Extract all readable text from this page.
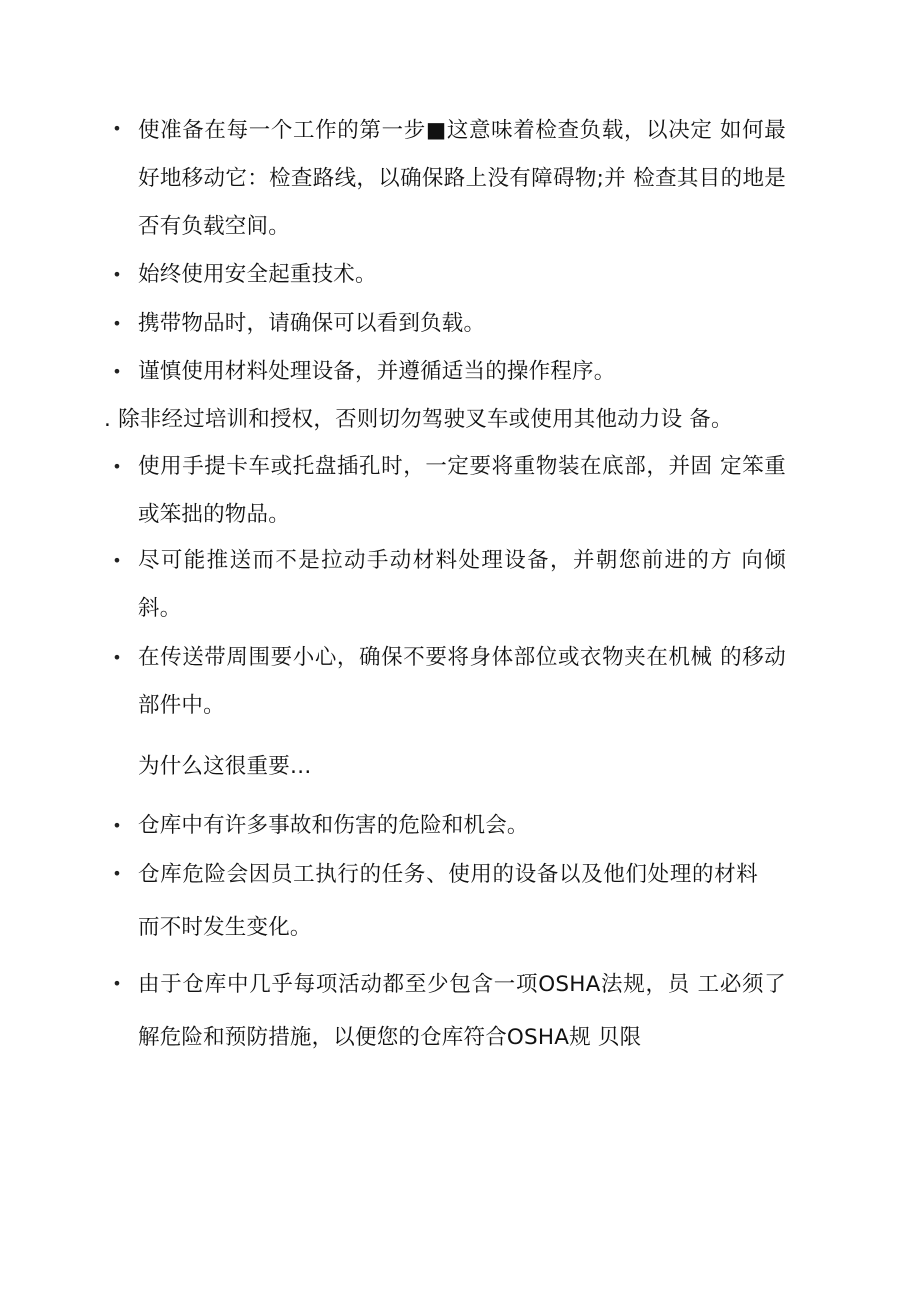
• 使准备在每一个工作的第一步■这意味着检查负载，以决定 如何最好地移动它：检查路线，以确保路上没有障碍物;并 检查其目的地是否有负载空间。
• 始终使用安全起重技术。
• 携带物品时，请确保可以看到负载。
• 谨慎使用材料处理设备，并遵循适当的操作程序。
. 除非经过培训和授权，否则切勿驾驶叉车或使用其他动力设 备。
• 使用手提卡车或托盘插孔时，一定要将重物装在底部，并固 定笨重或笨拙的物品。
• 尽可能推送而不是拉动手动材料处理设备，并朝您前进的方 向倾斜。
• 在传送带周围要小心，确保不要将身体部位或衣物夹在机械 的移动部件中。
为什么这很重要…
• 仓库中有许多事故和伤害的危险和机会。
• 仓库危险会因员工执行的任务、使用的设备以及他们处理的材料而不时发生变化。
• 由于仓库中几乎每项活动都至少包含一项OSHA法规，员 工必须了解危险和预防措施，以便您的仓库符合OSHA规 贝限
